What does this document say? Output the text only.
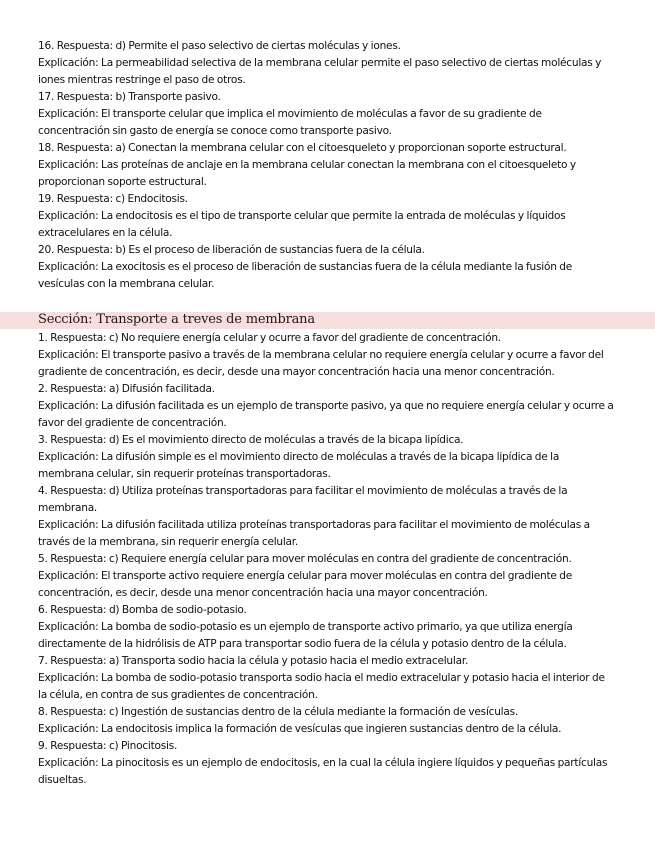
16. Respuesta: d) Permite el paso selectivo de ciertas moléculas y iones.

Explicación: La permeabilidad selectiva de la membrana celular permite el paso selectivo de ciertas moléculas y iones mientras restringe el paso de otros.

17. Respuesta: b) Transporte pasivo.

Explicación: El transporte celular que implica el movimiento de moléculas a favor de su gradiente de concentración sin gasto de energía se conoce como transporte pasivo.

18. Respuesta: a) Conectan la membrana celular con el citoesqueleto y proporcionan soporte estructural.

Explicación: Las proteínas de anclaje en la membrana celular conectan la membrana con el citoesqueleto y proporcionan soporte estructural.

19. Respuesta: c) Endocitosis.

Explicación: La endocitosis es el tipo de transporte celular que permite la entrada de moléculas y líquidos extracelulares en la célula.

20. Respuesta: b) Es el proceso de liberación de sustancias fuera de la célula.

Explicación: La exocitosis es el proceso de liberación de sustancias fuera de la célula mediante la fusión de vesículas con la membrana celular.

Sección: Transporte a treves de membrana

1. Respuesta: c) No requiere energía celular y ocurre a favor del gradiente de concentración.

Explicación: El transporte pasivo a través de la membrana celular no requiere energía celular y ocurre a favor del gradiente de concentración, es decir, desde una mayor concentración hacia una menor concentración.

2. Respuesta: a) Difusión facilitada.

Explicación: La difusión facilitada es un ejemplo de transporte pasivo, ya que no requiere energía celular y ocurre a favor del gradiente de concentración.

3. Respuesta: d) Es el movimiento directo de moléculas a través de la bicapa lipídica.

Explicación: La difusión simple es el movimiento directo de moléculas a través de la bicapa lipídica de la membrana celular, sin requerir proteínas transportadoras.

4. Respuesta: d) Utiliza proteínas transportadoras para facilitar el movimiento de moléculas a través de la membrana.

Explicación: La difusión facilitada utiliza proteínas transportadoras para facilitar el movimiento de moléculas a través de la membrana, sin requerir energía celular.

5. Respuesta: c) Requiere energía celular para mover moléculas en contra del gradiente de concentración.

Explicación: El transporte activo requiere energía celular para mover moléculas en contra del gradiente de concentración, es decir, desde una menor concentración hacia una mayor concentración.

6. Respuesta: d) Bomba de sodio-potasio.

Explicación: La bomba de sodio-potasio es un ejemplo de transporte activo primario, ya que utiliza energía directamente de la hidrólisis de ATP para transportar sodio fuera de la célula y potasio dentro de la célula.

7. Respuesta: a) Transporta sodio hacia la célula y potasio hacia el medio extracelular.

Explicación: La bomba de sodio-potasio transporta sodio hacia el medio extracelular y potasio hacia el interior de la célula, en contra de sus gradientes de concentración.

8. Respuesta: c) Ingestión de sustancias dentro de la célula mediante la formación de vesículas.

Explicación: La endocitosis implica la formación de vesículas que ingieren sustancias dentro de la célula.

9. Respuesta: c) Pinocitosis.

Explicación: La pinocitosis es un ejemplo de endocitosis, en la cual la célula ingiere líquidos y pequeñas partículas disueltas.
